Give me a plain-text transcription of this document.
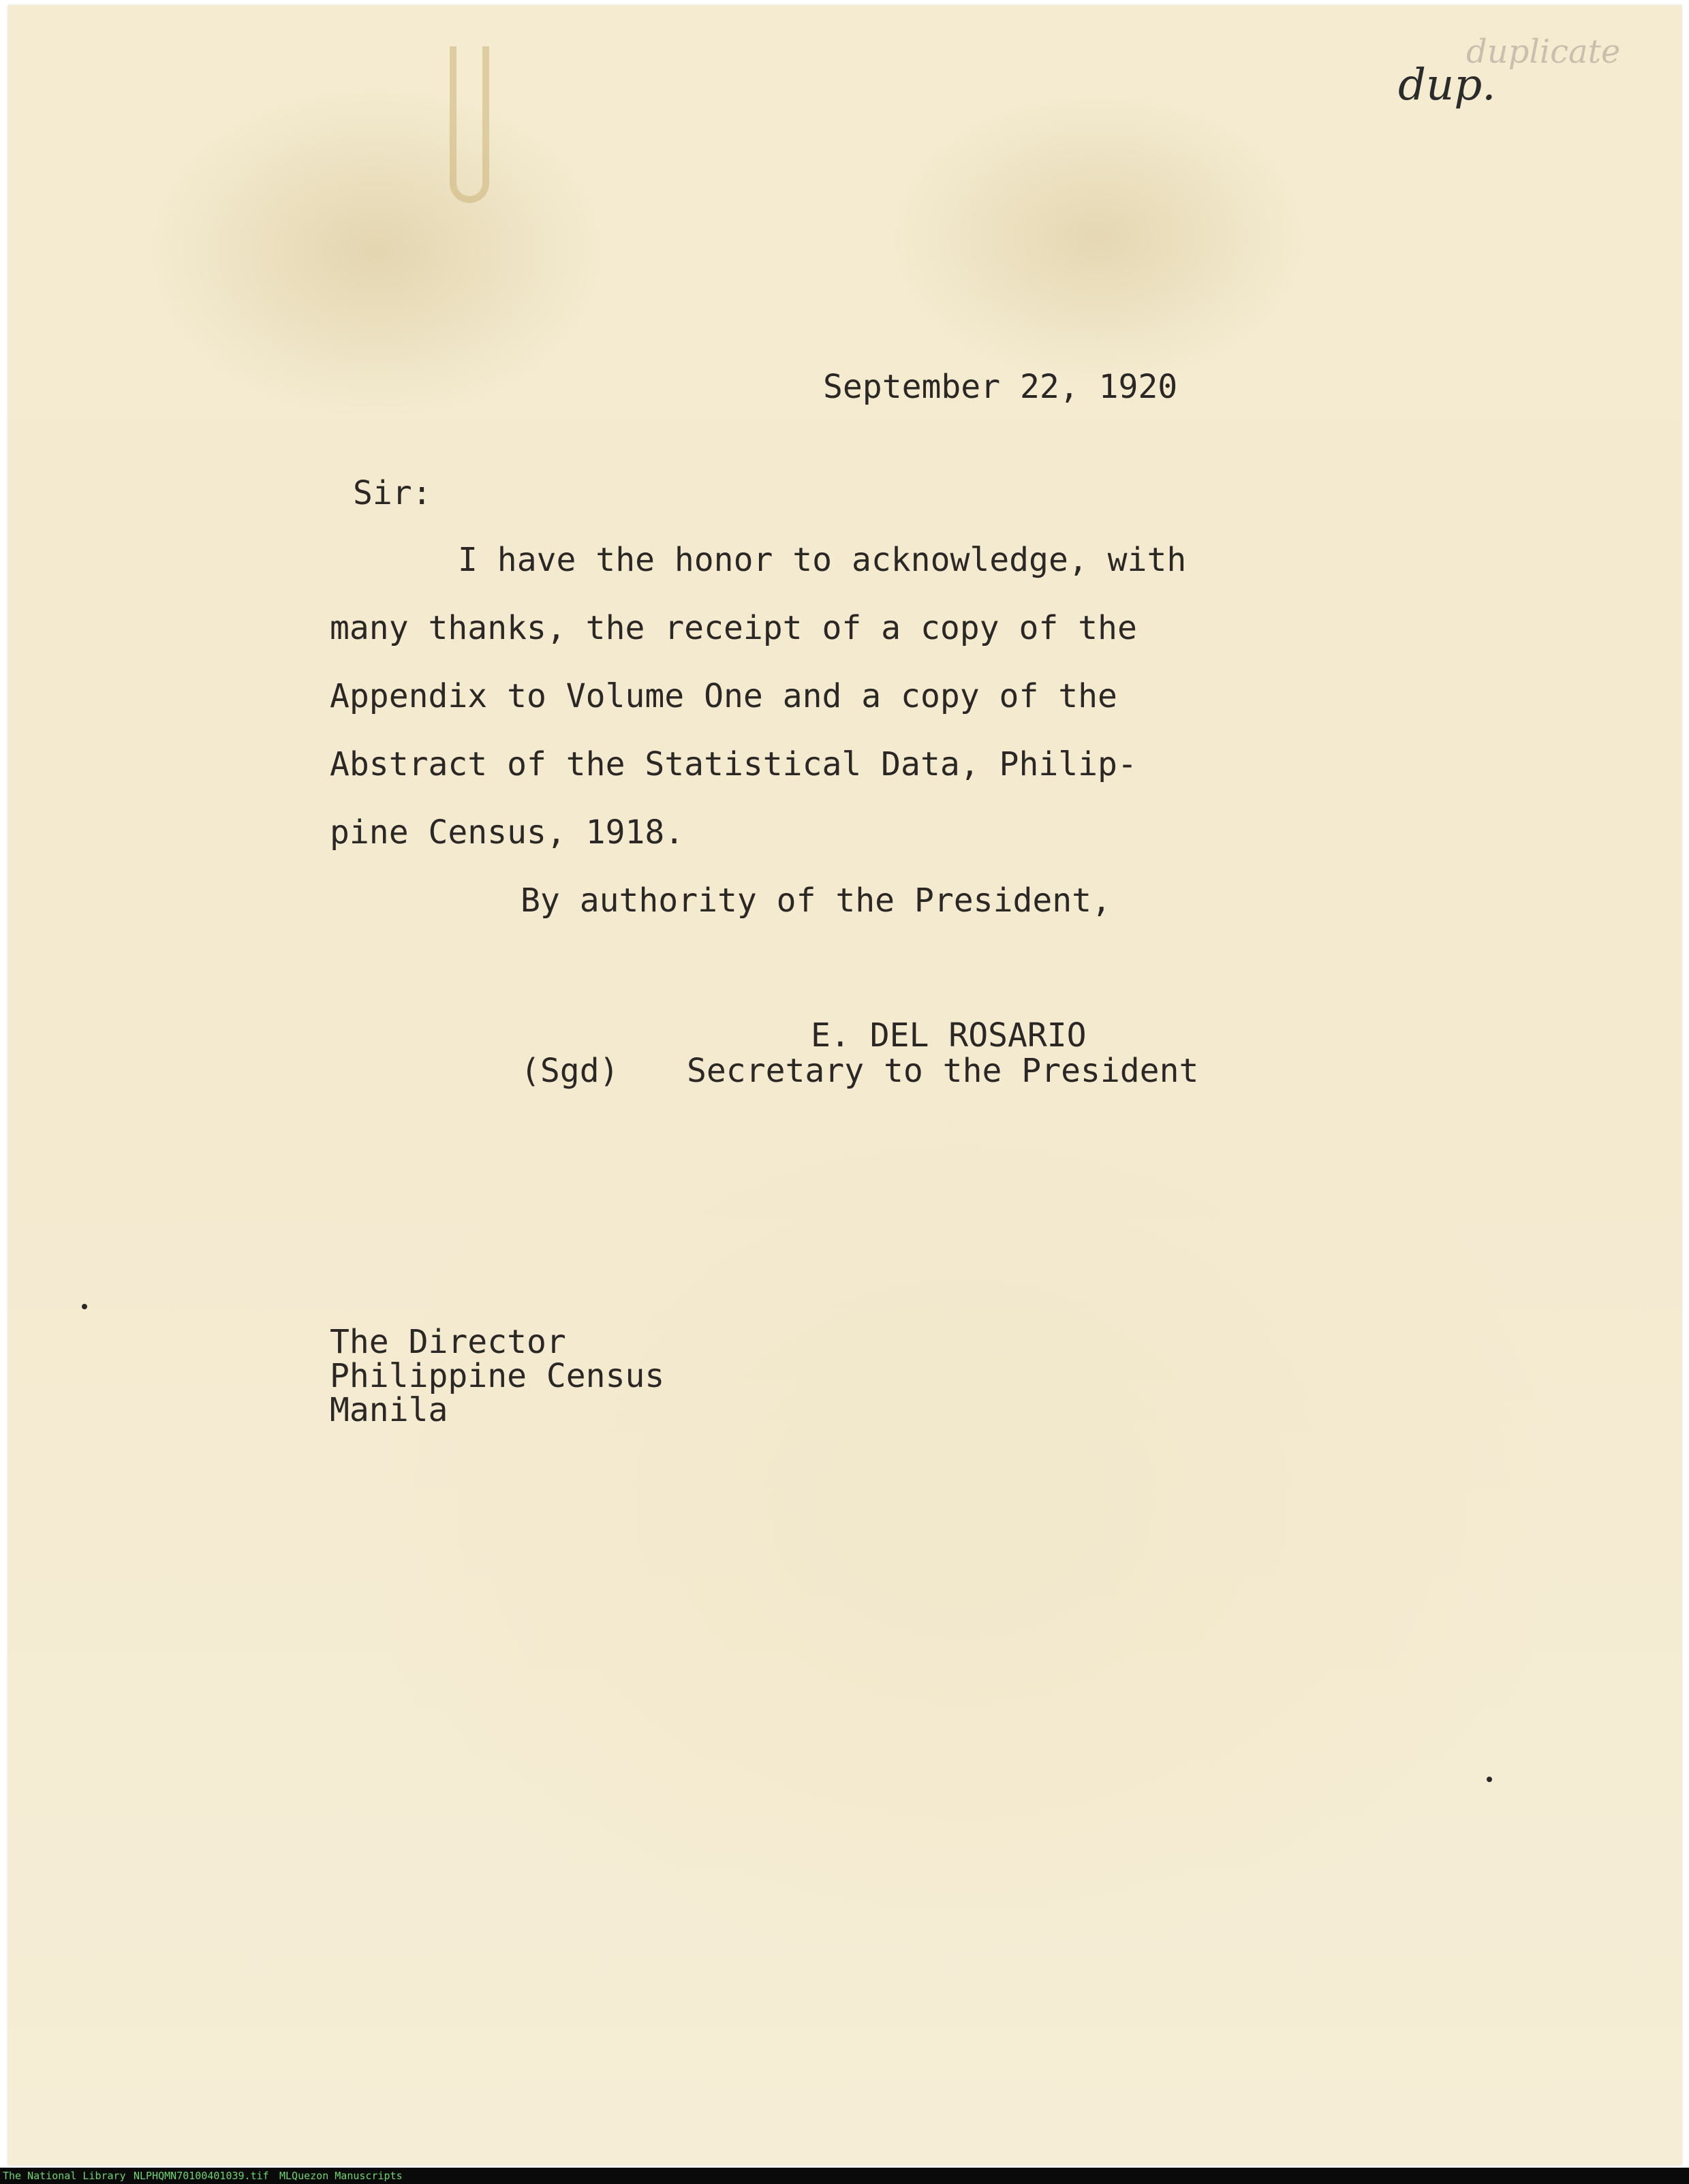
duplicate
dup.
September 22, 1920
Sir:
I have the honor to acknowledge, with
many thanks, the receipt of a copy of the
Appendix to Volume One and a copy of the
Abstract of the Statistical Data, Philip-
pine Census, 1918.
By authority of the President,
E. DEL ROSARIO
(Sgd) Secretary to the President
The Director
Philippine Census
Manila
The National Library NLPHQMN70100401039.tif MLQuezon Manuscripts
